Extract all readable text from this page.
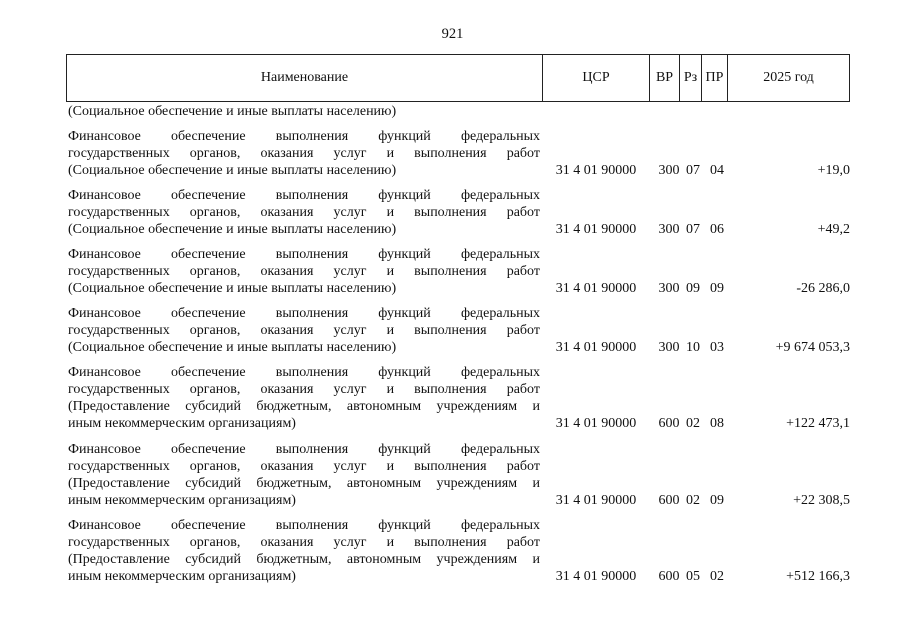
921
Наименование	ЦСР	ВР Рз ПР	2025 год
(Социальное обеспечение и иные выплаты населению)
Финансовое обеспечение выполнения функций федеральных
государственных органов, оказания услуг и выполнения работ
(Социальное обеспечение и иные выплаты населению)	31 4 01 90000	300 07 04	+19,0
Финансовое обеспечение выполнения функций федеральных
государственных органов, оказания услуг и выполнения работ
(Социальное обеспечение и иные выплаты населению)	31 4 01 90000	300 07 06	+49,2
Финансовое обеспечение выполнения функций федеральных
государственных органов, оказания услуг и выполнения работ
(Социальное обеспечение и иные выплаты населению)	31 4 01 90000	300 09 09	-26 286,0
Финансовое обеспечение выполнения функций федеральных
государственных органов, оказания услуг и выполнения работ
(Социальное обеспечение и иные выплаты населению)	31 4 01 90000	300 10 03	+9 674 053,3
Финансовое обеспечение выполнения функций федеральных
государственных органов, оказания услуг и выполнения работ
(Предоставление субсидий бюджетным, автономным учреждениям и
иным некоммерческим организациям)	31 4 01 90000	600 02 08	+122 473,1
Финансовое обеспечение выполнения функций федеральных
государственных органов, оказания услуг и выполнения работ
(Предоставление субсидий бюджетным, автономным учреждениям и
иным некоммерческим организациям)	31 4 01 90000	600 02 09	+22 308,5
Финансовое обеспечение выполнения функций федеральных
государственных органов, оказания услуг и выполнения работ
(Предоставление субсидий бюджетным, автономным учреждениям и
иным некоммерческим организациям)	31 4 01 90000	600 05 02	+512 166,3
